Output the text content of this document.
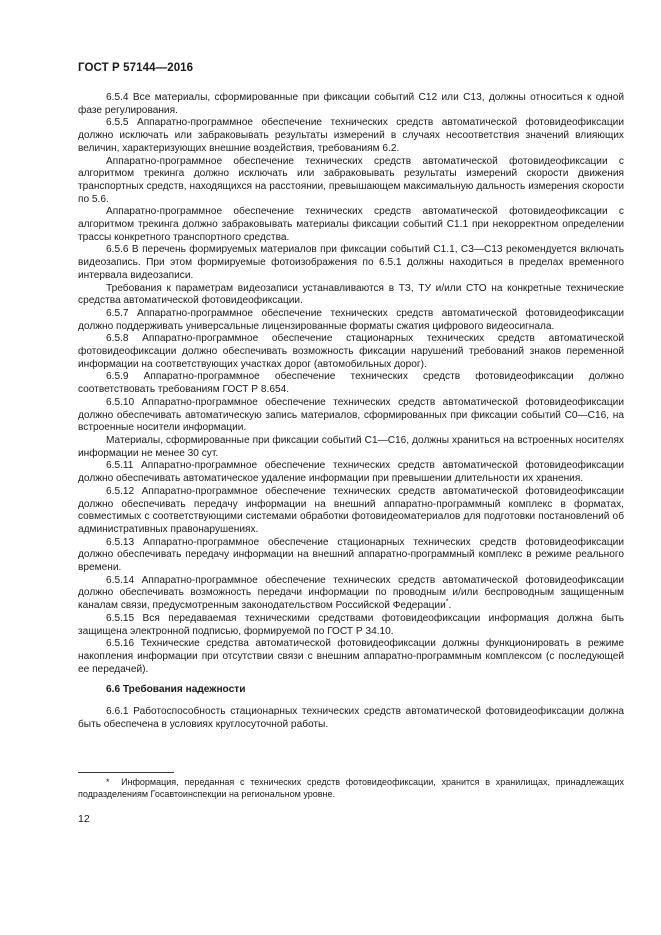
ГОСТ Р 57144—2016

6.5.4 Все материалы, сформированные при фиксации событий С12 или С13, должны относиться к одной фазе регулирования.

6.5.5 Аппаратно-программное обеспечение технических средств автоматической фотовидеофиксации должно исключать или забраковывать результаты измерений в случаях несоответствия значений влияющих величин, характеризующих внешние воздействия, требованиям 6.2.

Аппаратно-программное обеспечение технических средств автоматической фотовидеофиксации с алгоритмом трекинга должно исключать или забраковывать результаты измерений скорости движения транспортных средств, находящихся на расстоянии, превышающем максимальную дальность измерения скорости по 5.6.

Аппаратно-программное обеспечение технических средств автоматической фотовидеофиксации с алгоритмом трекинга должно забраковывать материалы фиксации событий С1.1 при некорректном определении трассы конкретного транспортного средства.

6.5.6 В перечень формируемых материалов при фиксации событий С1.1, С3—С13 рекомендуется включать видеозапись. При этом формируемые фотоизображения по 6.5.1 должны находиться в пределах временного интервала видеозаписи.

Требования к параметрам видеозаписи устанавливаются в ТЗ, ТУ и/или СТО на конкретные технические средства автоматической фотовидеофиксации.

6.5.7 Аппаратно-программное обеспечение технических средств автоматической фотовидеофиксации должно поддерживать универсальные лицензированные форматы сжатия цифрового видеосигнала.

6.5.8 Аппаратно-программное обеспечение стационарных технических средств автоматической фотовидеофиксации должно обеспечивать возможность фиксации нарушений требований знаков переменной информации на соответствующих участках дорог (автомобильных дорог).

6.5.9 Аппаратно-программное обеспечение технических средств фотовидеофиксации должно соответствовать требованиям ГОСТ Р 8.654.

6.5.10 Аппаратно-программное обеспечение технических средств автоматической фотовидеофиксации должно обеспечивать автоматическую запись материалов, сформированных при фиксации событий С0—С16, на встроенные носители информации.

Материалы, сформированные при фиксации событий С1—С16, должны храниться на встроенных носителях информации не менее 30 сут.

6.5.11 Аппаратно-программное обеспечение технических средств автоматической фотовидеофиксации должно обеспечивать автоматическое удаление информации при превышении длительности их хранения.

6.5.12 Аппаратно-программное обеспечение технических средств автоматической фотовидеофиксации должно обеспечивать передачу информации на внешний аппаратно-программный комплекс в форматах, совместимых с соответствующими системами обработки фотовидеоматериалов для подготовки постановлений об административных правонарушениях.

6.5.13 Аппаратно-программное обеспечение стационарных технических средств фотовидеофиксации должно обеспечивать передачу информации на внешний аппаратно-программный комплекс в режиме реального времени.

6.5.14 Аппаратно-программное обеспечение технических средств автоматической фотовидеофиксации должно обеспечивать возможность передачи информации по проводным и/или беспроводным защищенным каналам связи, предусмотренным законодательством Российской Федерации*.

6.5.15 Вся передаваемая техническими средствами фотовидеофиксации информация должна быть защищена электронной подписью, формируемой по ГОСТ Р 34.10.

6.5.16 Технические средства автоматической фотовидеофиксации должны функционировать в режиме накопления информации при отсутствии связи с внешним аппаратно-программным комплексом (с последующей ее передачей).

6.6 Требования надежности

6.6.1 Работоспособность стационарных технических средств автоматической фотовидеофиксации должна быть обеспечена в условиях круглосуточной работы.

* Информация, переданная с технических средств фотовидеофиксации, хранится в хранилищах, принадлежащих подразделениям Госавтоинспекции на региональном уровне.

12
